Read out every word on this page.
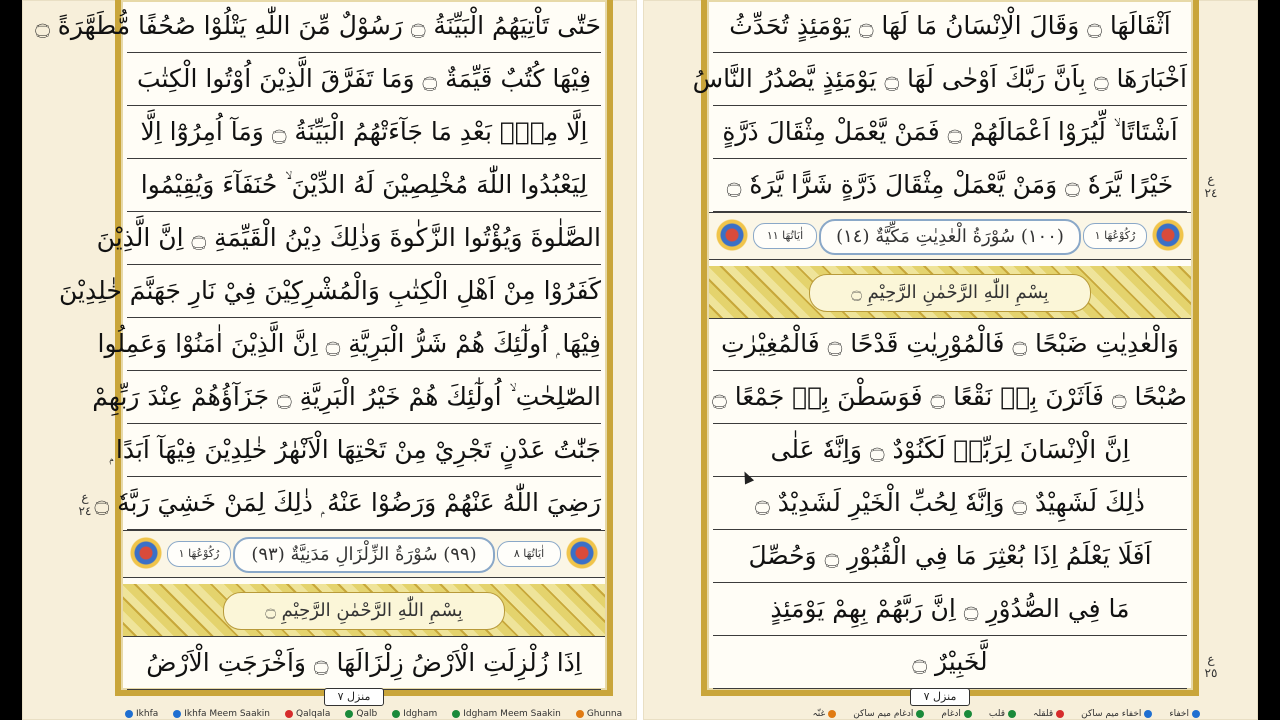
حَتّٰى تَاْتِيَهُمُ الْبَيِّنَةُ ۝ رَسُوْلٌ مِّنَ اللّٰهِ يَتْلُوْا صُحُفًا مُّطَهَّرَةً ۝
فِيْهَا كُتُبٌ قَيِّمَةٌ ۝ وَمَا تَفَرَّقَ الَّذِيْنَ اُوْتُوا الْكِتٰبَ
اِلَّا مِنْۢ بَعْدِ مَا جَآءَتْهُمُ الْبَيِّنَةُ ۝ وَمَآ اُمِرُوْٓا اِلَّا
لِيَعْبُدُوا اللّٰهَ مُخْلِصِيْنَ لَهُ الدِّيْنَ ۙ حُنَفَآءَ وَيُقِيْمُوا
الصَّلٰوةَ وَيُؤْتُوا الزَّكٰوةَ وَذٰلِكَ دِيْنُ الْقَيِّمَةِ ۝ اِنَّ الَّذِيْنَ
كَفَرُوْا مِنْ اَهْلِ الْكِتٰبِ وَالْمُشْرِكِيْنَ فِيْ نَارِ جَهَنَّمَ خٰلِدِيْنَ
فِيْهَا ۭ اُولٰٓئِكَ هُمْ شَرُّ الْبَرِيَّةِ ۝ اِنَّ الَّذِيْنَ اٰمَنُوْا وَعَمِلُوا
الصّٰلِحٰتِ ۙ اُولٰٓئِكَ هُمْ خَيْرُ الْبَرِيَّةِ ۝ جَزَآؤُهُمْ عِنْدَ رَبِّهِمْ
جَنّٰتُ عَدْنٍ تَجْرِيْ مِنْ تَحْتِهَا الْاَنْهٰرُ خٰلِدِيْنَ فِيْهَآ اَبَدًا ۭ
رَضِيَ اللّٰهُ عَنْهُمْ وَرَضُوْا عَنْهُ ۭ ذٰلِكَ لِمَنْ خَشِيَ رَبَّهٗ ۝
رُكُوْعُهَا ١	(٩٩) سُوْرَةُ الزِّلْزَالِ مَدَنِيَّةٌ (٩٣)	اٰيَاتُهَا ٨
بِسْمِ اللّٰهِ الرَّحْمٰنِ الرَّحِيْمِ ۝
اِذَا زُلْزِلَتِ الْاَرْضُ زِلْزَالَهَا ۝ وَاَخْرَجَتِ الْاَرْضُ
ع ٢٤
منزل ٧
Ikhfa	Ikhfa Meem Saakin	Qalqala	Qalb	Idgham	Idgham Meem Saakin	Ghunna
اَثْقَالَهَا ۝ وَقَالَ الْاِنْسَانُ مَا لَهَا ۝ يَوْمَئِذٍ تُحَدِّثُ
اَخْبَارَهَا ۝ بِاَنَّ رَبَّكَ اَوْحٰى لَهَا ۝ يَوْمَئِذٍ يَّصْدُرُ النَّاسُ
اَشْتَاتًا ۙ لِّيُرَوْا اَعْمَالَهُمْ ۝ فَمَنْ يَّعْمَلْ مِثْقَالَ ذَرَّةٍ
خَيْرًا يَّرَهٗ ۝ وَمَنْ يَّعْمَلْ مِثْقَالَ ذَرَّةٍ شَرًّا يَّرَهٗ ۝
اٰيَاتُهَا ١١	(١٠٠) سُوْرَةُ الْعٰدِيٰتِ مَكِّيَّةٌ (١٤)	رُكُوْعُهَا ١
بِسْمِ اللّٰهِ الرَّحْمٰنِ الرَّحِيْمِ ۝
وَالْعٰدِيٰتِ ضَبْحًا ۝ فَالْمُوْرِيٰتِ قَدْحًا ۝ فَالْمُغِيْرٰتِ
صُبْحًا ۝ فَاَثَرْنَ بِهٖ نَقْعًا ۝ فَوَسَطْنَ بِهٖ جَمْعًا ۝
اِنَّ الْاِنْسَانَ لِرَبِّهٖ لَكَنُوْدٌ ۝ وَاِنَّهٗ عَلٰى
ذٰلِكَ لَشَهِيْدٌ ۝ وَاِنَّهٗ لِحُبِّ الْخَيْرِ لَشَدِيْدٌ ۝
اَفَلَا يَعْلَمُ اِذَا بُعْثِرَ مَا فِي الْقُبُوْرِ ۝ وَحُصِّلَ
مَا فِي الصُّدُوْرِ ۝ اِنَّ رَبَّهُمْ بِهِمْ يَوْمَئِذٍ
لَّخَبِيْرٌ ۝
ع ٢٤
ع ٢٥
منزل ٧
اخفاءاخفاء میم ساکنقلقلہقلبادغامادغام میم ساکنغنّہ
